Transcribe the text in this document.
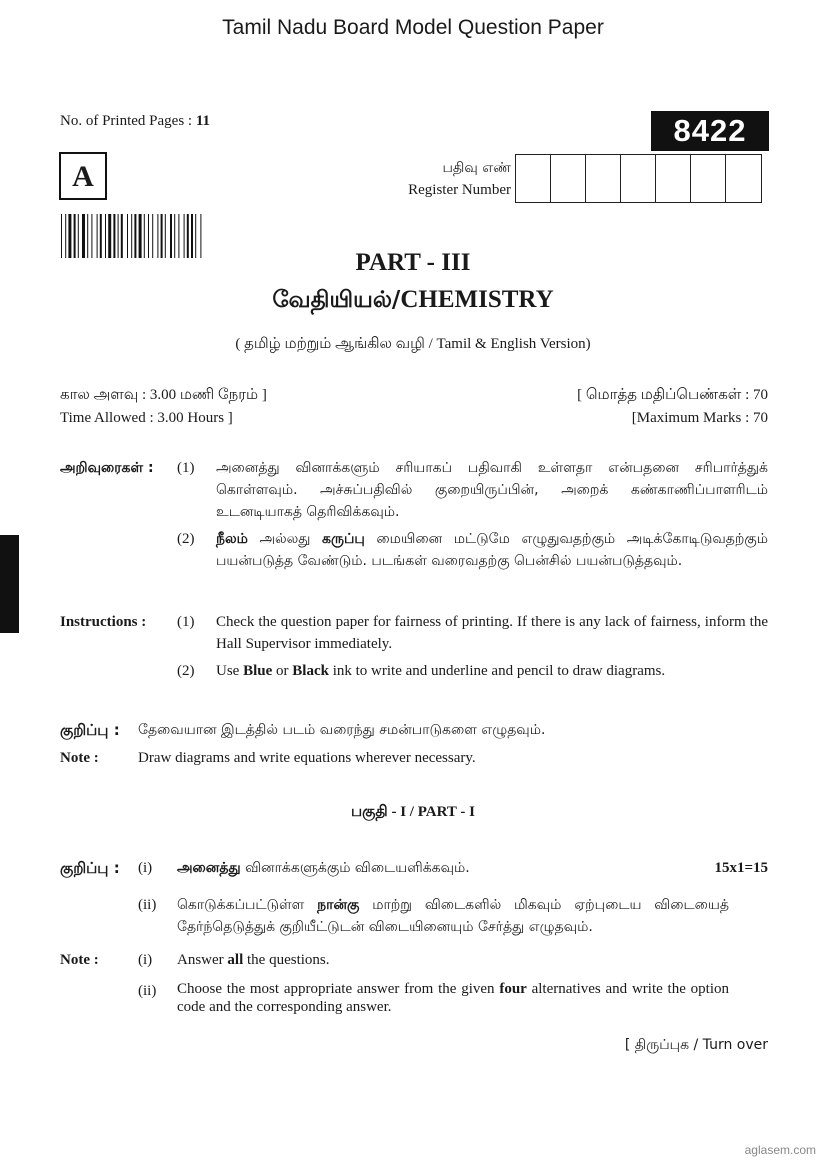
Tamil Nadu Board Model Question Paper
No. of Printed Pages : 11	8422
A	பதிவு எண்
Register Number
PART - III
வேதியியல்/CHEMISTRY
( தமிழ் மற்றும் ஆங்கில வழி / Tamil & English Version)
கால அளவு : 3.00 மணி நேரம் ]
Time Allowed : 3.00 Hours ]
[ மொத்த மதிப்பெண்கள் : 70
[Maximum Marks : 70
அறிவுரைகள் : (1) அனைத்து வினாக்களும் சரியாகப் பதிவாகி உள்ளதா என்பதனை சரிபார்த்துக் கொள்ளவும். அச்சுப்பதிவில் குறையிருப்பின், அறைக் கண்காணிப்பாளரிடம் உடனடியாகத் தெரிவிக்கவும்.
(2) நீலம் அல்லது கருப்பு மையினை மட்டுமே எழுதுவதற்கும் அடிக்கோடிடுவதற்கும் பயன்படுத்த வேண்டும். படங்கள் வரைவதற்கு பென்சில் பயன்படுத்தவும்.
Instructions : (1) Check the question paper for fairness of printing. If there is any lack of fairness, inform the Hall Supervisor immediately.
(2) Use Blue or Black ink to write and underline and pencil to draw diagrams.
குறிப்பு : தேவையான இடத்தில் படம் வரைந்து சமன்பாடுகளை எழுதவும்.
Note :	Draw diagrams and write equations wherever necessary.
பகுதி - I / PART - I
குறிப்பு : (i) அனைத்து வினாக்களுக்கும் விடையளிக்கவும்.	15x1=15
(ii) கொடுக்கப்பட்டுள்ள நான்கு மாற்று விடைகளில் மிகவும் ஏற்புடைய விடையைத் தேர்ந்தெடுத்துக் குறியீட்டுடன் விடையினையும் சேர்த்து எழுதவும்.
Note :	(i) Answer all the questions.
(ii) Choose the most appropriate answer from the given four alternatives and write the option code and the corresponding answer.
[ திருப்புக / Turn over
aglasem.com
